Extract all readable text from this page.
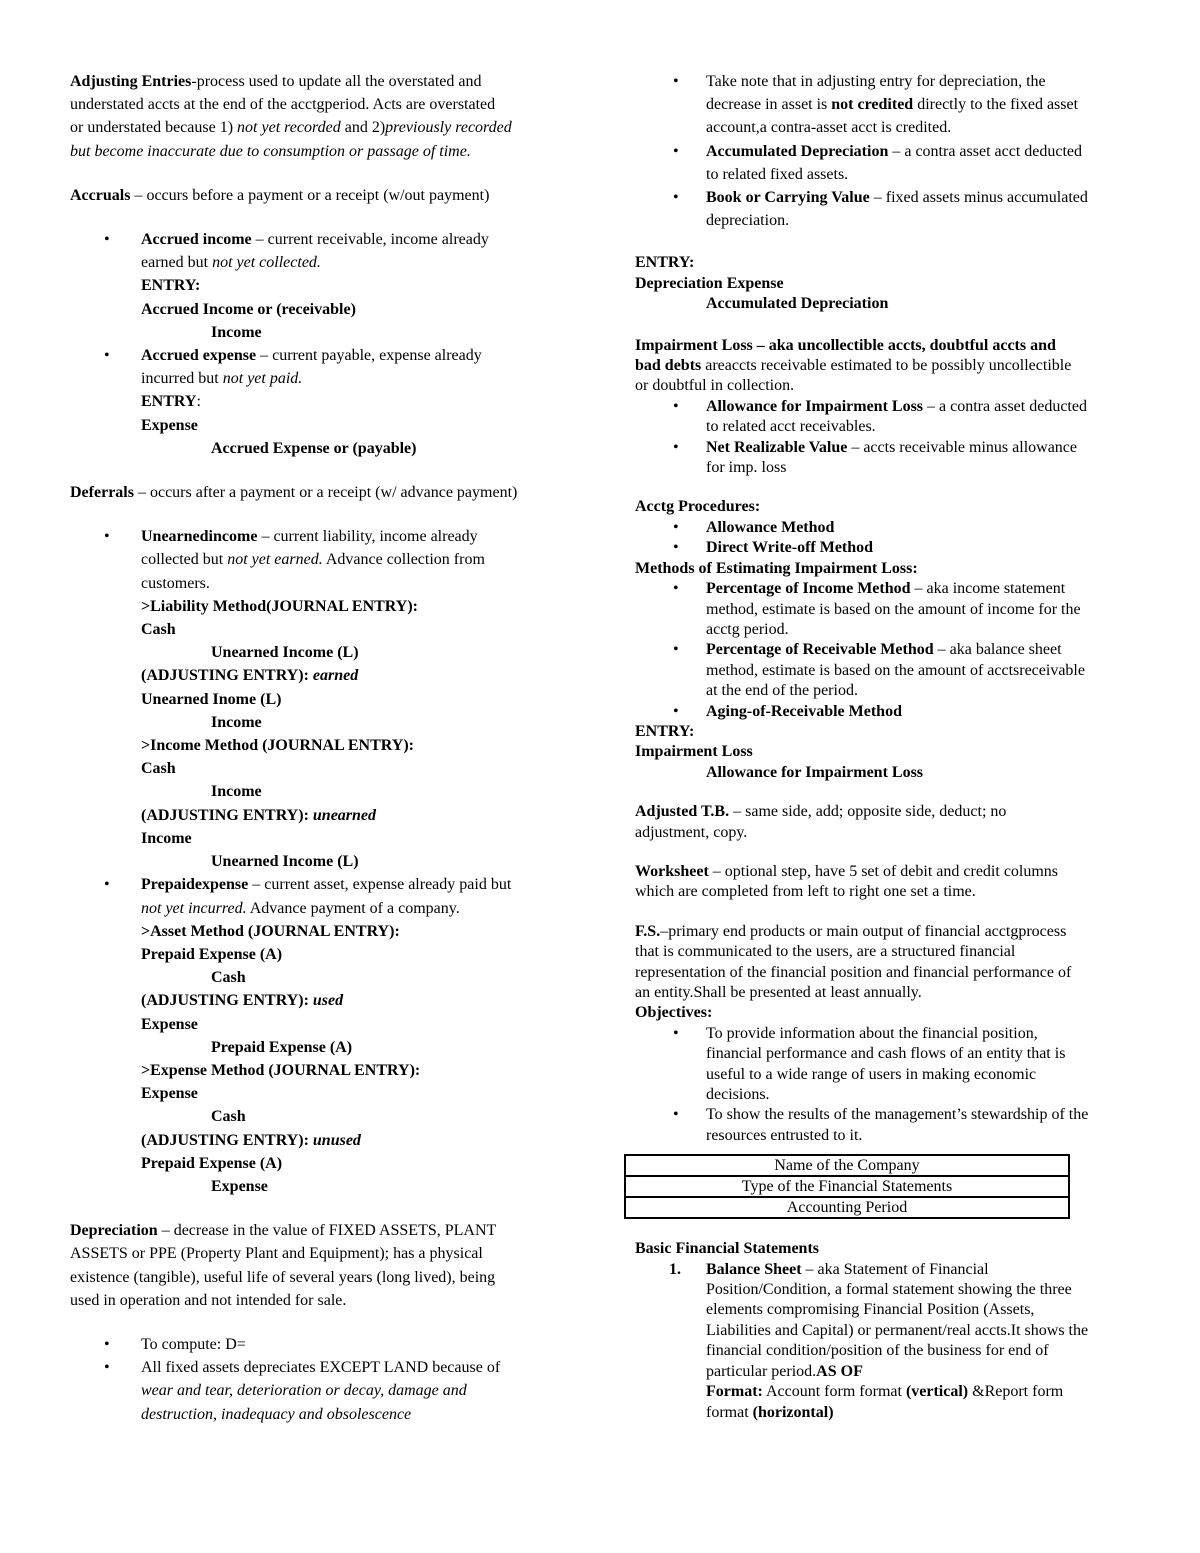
Adjusting Entries-process used to update all the overstated and
understated accts at the end of the acctgperiod. Acts are overstated
or understated because 1) not yet recorded and 2)previously recorded
but become inaccurate due to consumption or passage of time.
Accruals – occurs before a payment or a receipt (w/out payment)
• Accrued income – current receivable, income already
earned but not yet collected.
ENTRY:
Accrued Income or (receivable)
Income
• Accrued expense – current payable, expense already
incurred but not yet paid.
ENTRY:
Expense
Accrued Expense or (payable)
Deferrals – occurs after a payment or a receipt (w/ advance payment)
• Unearnedincome – current liability, income already
collected but not yet earned. Advance collection from
customers.
>Liability Method(JOURNAL ENTRY):
Cash
Unearned Income (L)
(ADJUSTING ENTRY): earned
Unearned Inome (L)
Income
>Income Method (JOURNAL ENTRY):
Cash
Income
(ADJUSTING ENTRY): unearned
Income
Unearned Income (L)
• Prepaidexpense – current asset, expense already paid but
not yet incurred. Advance payment of a company.
>Asset Method (JOURNAL ENTRY):
Prepaid Expense (A)
Cash
(ADJUSTING ENTRY): used
Expense
Prepaid Expense (A)
>Expense Method (JOURNAL ENTRY):
Expense
Cash
(ADJUSTING ENTRY): unused
Prepaid Expense (A)
Expense
Depreciation – decrease in the value of FIXED ASSETS, PLANT
ASSETS or PPE (Property Plant and Equipment); has a physical
existence (tangible), useful life of several years (long lived), being
used in operation and not intended for sale.
• To compute: D=
• All fixed assets depreciates EXCEPT LAND because of
wear and tear, deterioration or decay, damage and
destruction, inadequacy and obsolescence
• Take note that in adjusting entry for depreciation, the
decrease in asset is not credited directly to the fixed asset
account,a contra-asset acct is credited.
• Accumulated Depreciation – a contra asset acct deducted
to related fixed assets.
• Book or Carrying Value – fixed assets minus accumulated
depreciation.
ENTRY:
Depreciation Expense
Accumulated Depreciation
Impairment Loss – aka uncollectible accts, doubtful accts and
bad debts areaccts receivable estimated to be possibly uncollectible
or doubtful in collection.
• Allowance for Impairment Loss – a contra asset deducted
to related acct receivables.
• Net Realizable Value – accts receivable minus allowance
for imp. loss
Acctg Procedures:
• Allowance Method
• Direct Write-off Method
Methods of Estimating Impairment Loss:
• Percentage of Income Method – aka income statement
method, estimate is based on the amount of income for the
acctg period.
• Percentage of Receivable Method – aka balance sheet
method, estimate is based on the amount of acctsreceivable
at the end of the period.
• Aging-of-Receivable Method
ENTRY:
Impairment Loss
Allowance for Impairment Loss
Adjusted T.B. – same side, add; opposite side, deduct; no
adjustment, copy.
Worksheet – optional step, have 5 set of debit and credit columns
which are completed from left to right one set a time.
F.S.–primary end products or main output of financial acctgprocess
that is communicated to the users, are a structured financial
representation of the financial position and financial performance of
an entity.Shall be presented at least annually.
Objectives:
• To provide information about the financial position,
financial performance and cash flows of an entity that is
useful to a wide range of users in making economic
decisions.
• To show the results of the management’s stewardship of the
resources entrusted to it.
Name of the Company
Type of the Financial Statements
Accounting Period
Basic Financial Statements
1. Balance Sheet – aka Statement of Financial
Position/Condition, a formal statement showing the three
elements compromising Financial Position (Assets,
Liabilities and Capital) or permanent/real accts.It shows the
financial condition/position of the business for end of
particular period.AS OF
Format: Account form format (vertical) &Report form
format (horizontal)
